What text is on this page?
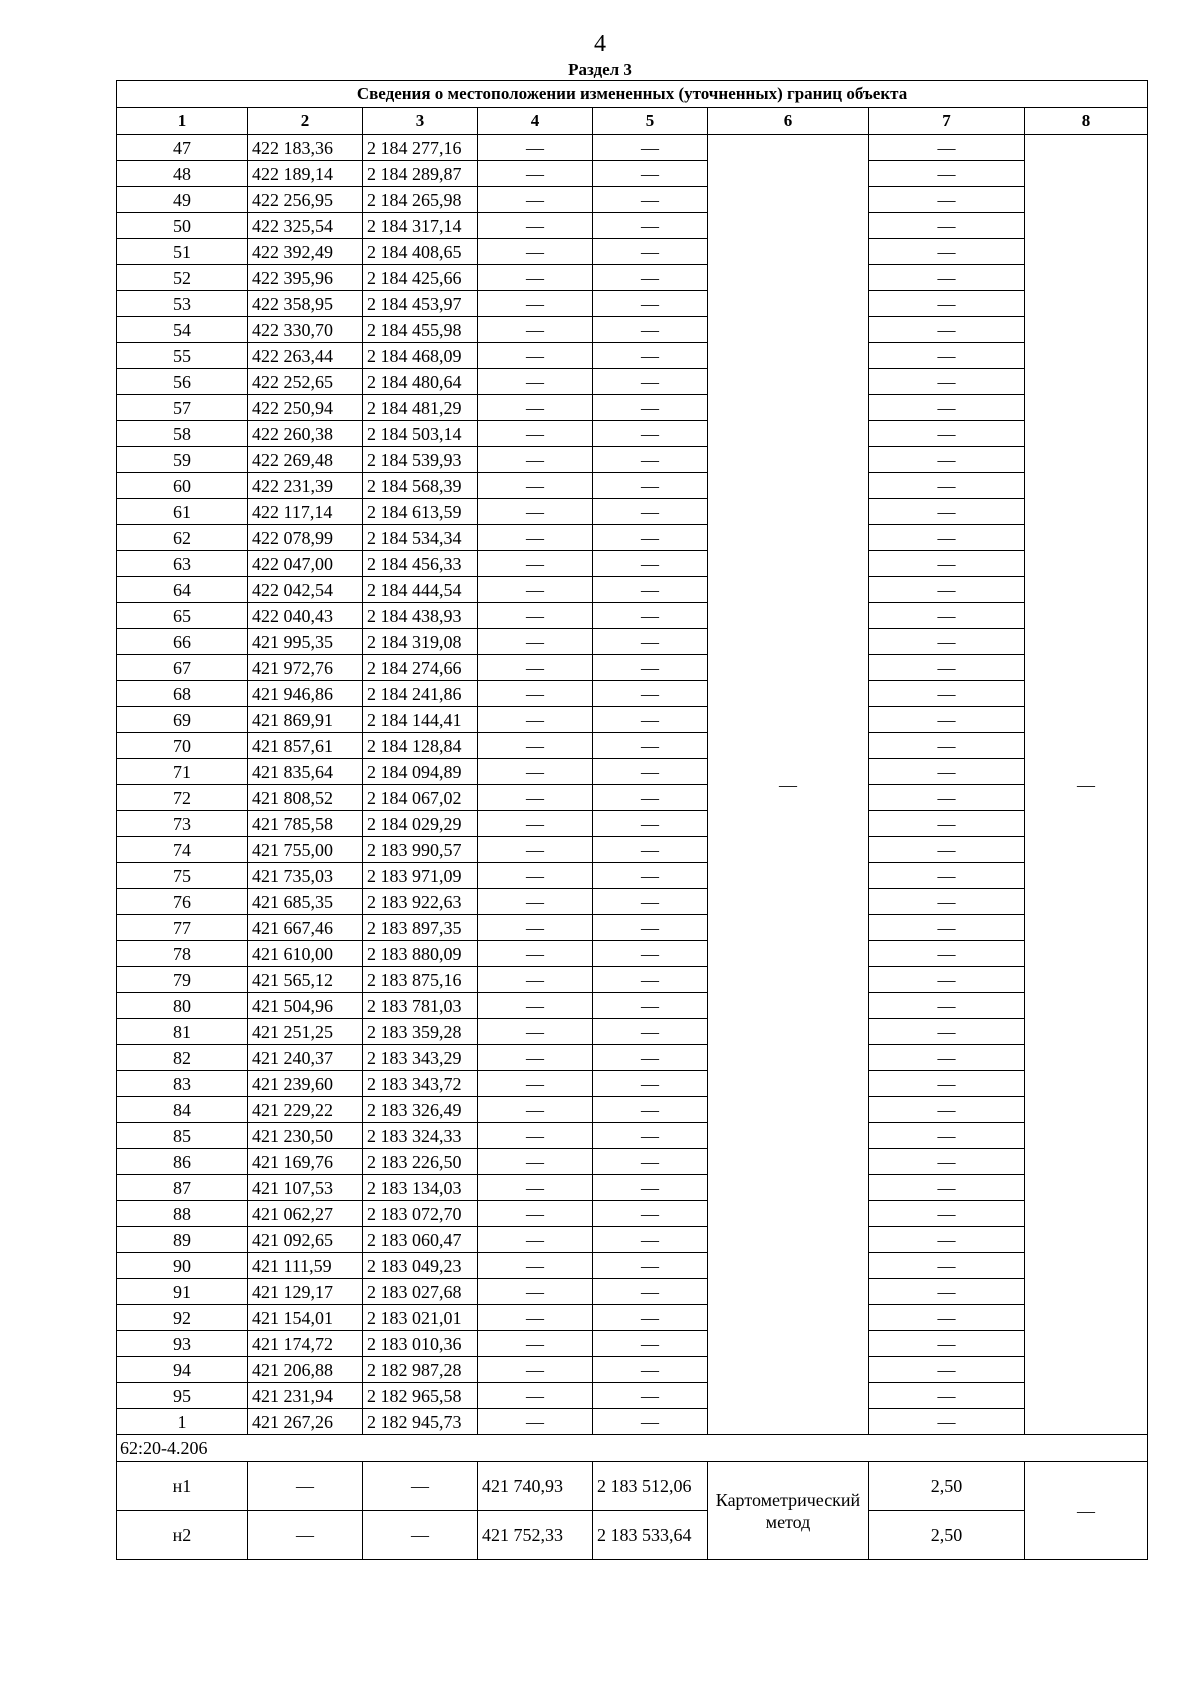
4
Раздел 3
Сведения о местоположении измененных (уточненных) границ объекта							
1	2	3	4	5	6	7	8
47	422 183,36	2 184 277,16	—	—	—	—	—
48	422 189,14	2 184 289,87	—	—		—	
49	422 256,95	2 184 265,98	—	—		—	
50	422 325,54	2 184 317,14	—	—		—	
51	422 392,49	2 184 408,65	—	—		—	
52	422 395,96	2 184 425,66	—	—		—	
53	422 358,95	2 184 453,97	—	—		—	
54	422 330,70	2 184 455,98	—	—		—	
55	422 263,44	2 184 468,09	—	—		—	
56	422 252,65	2 184 480,64	—	—		—	
57	422 250,94	2 184 481,29	—	—		—	
58	422 260,38	2 184 503,14	—	—		—	
59	422 269,48	2 184 539,93	—	—		—	
60	422 231,39	2 184 568,39	—	—		—	
61	422 117,14	2 184 613,59	—	—		—	
62	422 078,99	2 184 534,34	—	—		—	
63	422 047,00	2 184 456,33	—	—		—	
64	422 042,54	2 184 444,54	—	—		—	
65	422 040,43	2 184 438,93	—	—		—	
66	421 995,35	2 184 319,08	—	—		—	
67	421 972,76	2 184 274,66	—	—		—	
68	421 946,86	2 184 241,86	—	—		—	
69	421 869,91	2 184 144,41	—	—		—	
70	421 857,61	2 184 128,84	—	—		—	
71	421 835,64	2 184 094,89	—	—		—	
72	421 808,52	2 184 067,02	—	—		—	
73	421 785,58	2 184 029,29	—	—		—	
74	421 755,00	2 183 990,57	—	—		—	
75	421 735,03	2 183 971,09	—	—		—	
76	421 685,35	2 183 922,63	—	—		—	
77	421 667,46	2 183 897,35	—	—		—	
78	421 610,00	2 183 880,09	—	—		—	
79	421 565,12	2 183 875,16	—	—		—	
80	421 504,96	2 183 781,03	—	—		—	
81	421 251,25	2 183 359,28	—	—		—	
82	421 240,37	2 183 343,29	—	—		—	
83	421 239,60	2 183 343,72	—	—		—	
84	421 229,22	2 183 326,49	—	—		—	
85	421 230,50	2 183 324,33	—	—		—	
86	421 169,76	2 183 226,50	—	—		—	
87	421 107,53	2 183 134,03	—	—		—	
88	421 062,27	2 183 072,70	—	—		—	
89	421 092,65	2 183 060,47	—	—		—	
90	421 111,59	2 183 049,23	—	—		—	
91	421 129,17	2 183 027,68	—	—		—	
92	421 154,01	2 183 021,01	—	—		—	
93	421 174,72	2 183 010,36	—	—		—	
94	421 206,88	2 182 987,28	—	—		—	
95	421 231,94	2 182 965,58	—	—		—	
1	421 267,26	2 182 945,73	—	—		—	
62:20-4.206							
н1	—	—	421 740,93	2 183 512,06	Картометрический метод	2,50	—
н2	—	—	421 752,33	2 183 533,64		2,50	
